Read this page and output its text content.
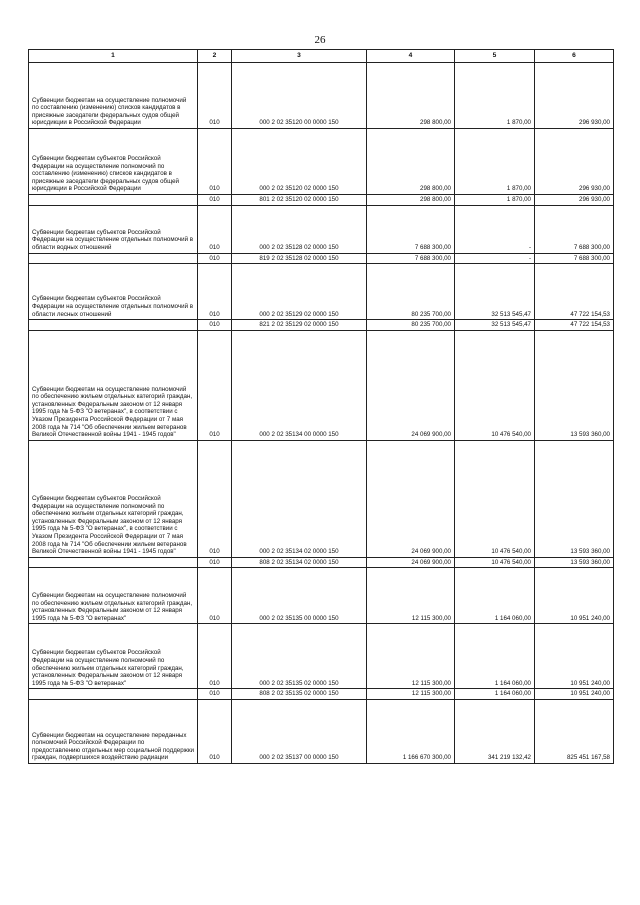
26
1	2	3	4	5	6
Субвенции бюджетам на осуществление полномочий по составлению (изменению) списков кандидатов в присяжные заседатели федеральных судов общей юрисдикции в Российской Федерации	010	000 2 02 35120 00 0000 150	298 800,00	1 870,00	296 930,00
Субвенции бюджетам субъектов Российской Федерации на осуществление полномочий по составлению (изменению) списков кандидатов в присяжные заседатели федеральных судов общей юрисдикции в Российской Федерации	010	000 2 02 35120 02 0000 150	298 800,00	1 870,00	296 930,00
	010	801 2 02 35120 02 0000 150	298 800,00	1 870,00	296 930,00
Субвенции бюджетам субъектов Российской Федерации на осуществление отдельных полномочий в области водных отношений	010	000 2 02 35128 02 0000 150	7 688 300,00	-	7 688 300,00
	010	819 2 02 35128 02 0000 150	7 688 300,00	-	7 688 300,00
Субвенции бюджетам субъектов Российской Федерации на осуществление отдельных полномочий в области лесных отношений	010	000 2 02 35129 02 0000 150	80 235 700,00	32 513 545,47	47 722 154,53
	010	821 2 02 35129 02 0000 150	80 235 700,00	32 513 545,47	47 722 154,53
Субвенции бюджетам на осуществление полномочий по обеспечению жильем отдельных категорий граждан, установленных Федеральным законом от 12 января 1995 года № 5-ФЗ "О ветеранах", в соответствии с Указом Президента Российской Федерации от 7 мая 2008 года № 714 "Об обеспечении жильем ветеранов Великой Отечественной войны 1941 - 1945 годов"	010	000 2 02 35134 00 0000 150	24 069 900,00	10 476 540,00	13 593 360,00
Субвенции бюджетам субъектов Российской Федерации на осуществление полномочий по обеспечению жильем отдельных категорий граждан, установленных Федеральным законом от 12 января 1995 года № 5-ФЗ "О ветеранах", в соответствии с Указом Президента Российской Федерации от 7 мая 2008 года № 714 "Об обеспечении жильем ветеранов Великой Отечественной войны 1941 - 1945 годов"	010	000 2 02 35134 02 0000 150	24 069 900,00	10 476 540,00	13 593 360,00
	010	808 2 02 35134 02 0000 150	24 069 900,00	10 476 540,00	13 593 360,00
Субвенции бюджетам на осуществление полномочий по обеспечению жильем отдельных категорий граждан, установленных Федеральным законом от 12 января 1995 года № 5-ФЗ "О ветеранах"	010	000 2 02 35135 00 0000 150	12 115 300,00	1 164 060,00	10 951 240,00
Субвенции бюджетам субъектов Российской Федерации на осуществление полномочий по обеспечению жильем отдельных категорий граждан, установленных Федеральным законом от 12 января 1995 года № 5-ФЗ "О ветеранах"	010	000 2 02 35135 02 0000 150	12 115 300,00	1 164 060,00	10 951 240,00
	010	808 2 02 35135 02 0000 150	12 115 300,00	1 164 060,00	10 951 240,00
Субвенции бюджетам на осуществление переданных полномочий Российской Федерации по предоставлению отдельных мер социальной поддержки граждан, подвергшихся воздействию радиации	010	000 2 02 35137 00 0000 150	1 166 670 300,00	341 219 132,42	825 451 167,58
